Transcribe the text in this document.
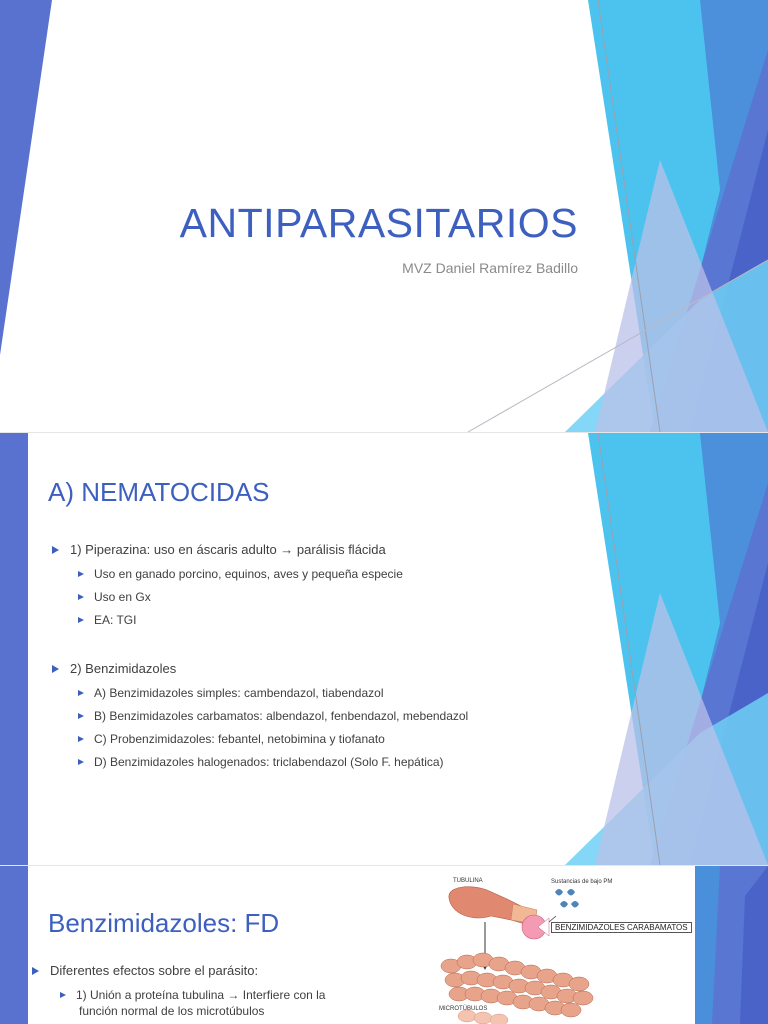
ANTIPARASITARIOS

MVZ Daniel Ramírez Badillo

A) NEMATOCIDAS
1) Piperazina: uso en áscaris adulto → parálisis flácida
Uso en ganado porcino, equinos, aves y pequeña especie
Uso en Gx
EA: TGI
2) Benzimidazoles
A) Benzimidazoles simples: cambendazol, tiabendazol
B) Benzimidazoles carbamatos: albendazol, fenbendazol, mebendazol
C) Probenzimidazoles: febantel, netobimina y tiofanato
D) Benzimidazoles halogenados: triclabendazol (Solo F. hepática)
Benzimidazoles: FD
Diferentes efectos sobre el parásito:
1) Unión a proteína tubulina → Interfiere con la
función normal de los microtúbulos
TUBULINA	Sustancias de bajo PM
MICROTÚBULOS
BENZIMIDAZOLES CARABAMATOS
